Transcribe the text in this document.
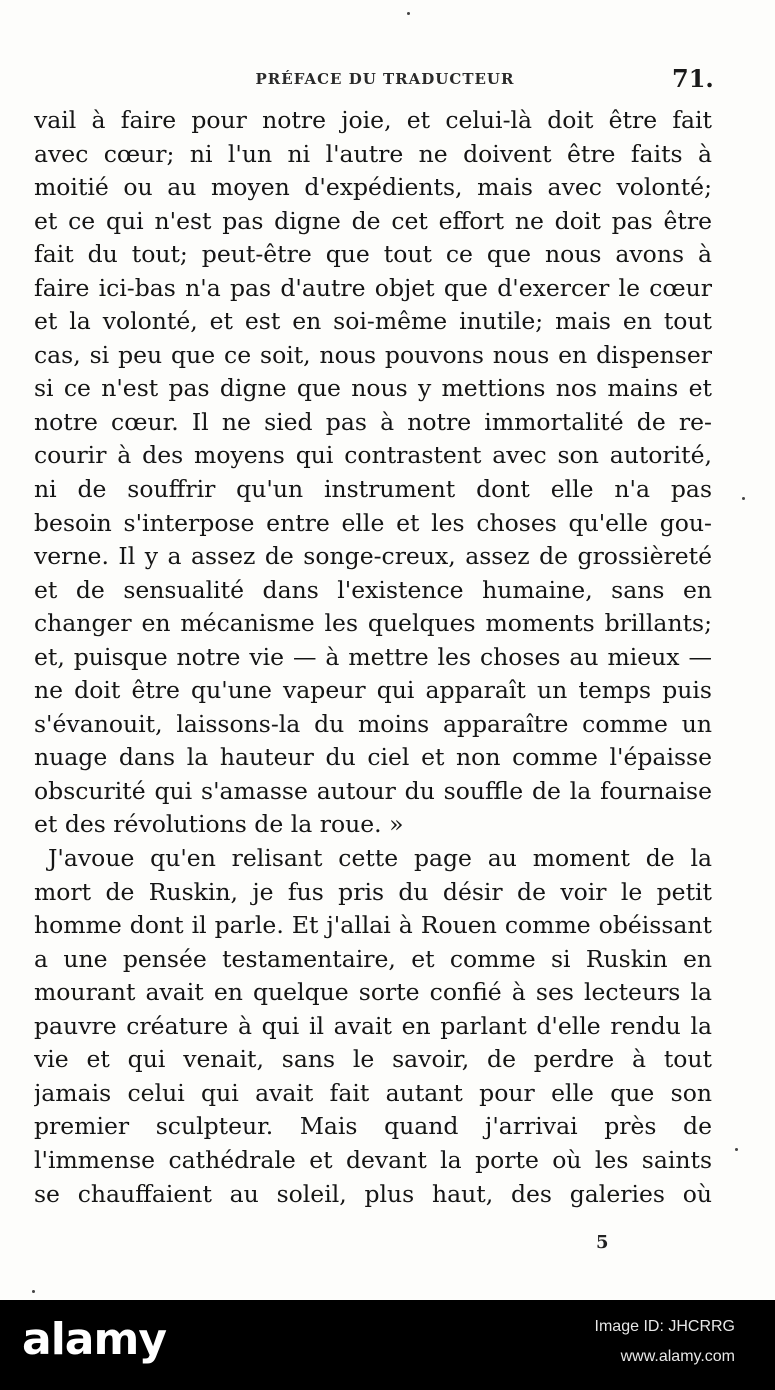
PRÉFACE DU TRADUCTEUR	71.
vail à faire pour notre joie, et celui-là doit être fait
avec cœur; ni l'un ni l'autre ne doivent être faits à
moitié ou au moyen d'expédients, mais avec volonté;
et ce qui n'est pas digne de cet effort ne doit pas être
fait du tout; peut-être que tout ce que nous avons à
faire ici-bas n'a pas d'autre objet que d'exercer le cœur
et la volonté, et est en soi-même inutile; mais en tout
cas, si peu que ce soit, nous pouvons nous en dispenser
si ce n'est pas digne que nous y mettions nos mains et
notre cœur. Il ne sied pas à notre immortalité de re-
courir à des moyens qui contrastent avec son autorité,
ni de souffrir qu'un instrument dont elle n'a pas
besoin s'interpose entre elle et les choses qu'elle gou-
verne. Il y a assez de songe-creux, assez de grossièreté
et de sensualité dans l'existence humaine, sans en
changer en mécanisme les quelques moments brillants;
et, puisque notre vie — à mettre les choses au mieux —
ne doit être qu'une vapeur qui apparaît un temps puis
s'évanouit, laissons-la du moins apparaître comme un
nuage dans la hauteur du ciel et non comme l'épaisse
obscurité qui s'amasse autour du souffle de la fournaise
et des révolutions de la roue. »
J'avoue qu'en relisant cette page au moment de la
mort de Ruskin, je fus pris du désir de voir le petit
homme dont il parle. Et j'allai à Rouen comme obéissant
a une pensée testamentaire, et comme si Ruskin en
mourant avait en quelque sorte confié à ses lecteurs la
pauvre créature à qui il avait en parlant d'elle rendu la
vie et qui venait, sans le savoir, de perdre à tout
jamais celui qui avait fait autant pour elle que son
premier sculpteur. Mais quand j'arrivai près de
l'immense cathédrale et devant la porte où les saints
se chauffaient au soleil, plus haut, des galeries où
5
alamy	Image ID: JHCRRG
www.alamy.com
